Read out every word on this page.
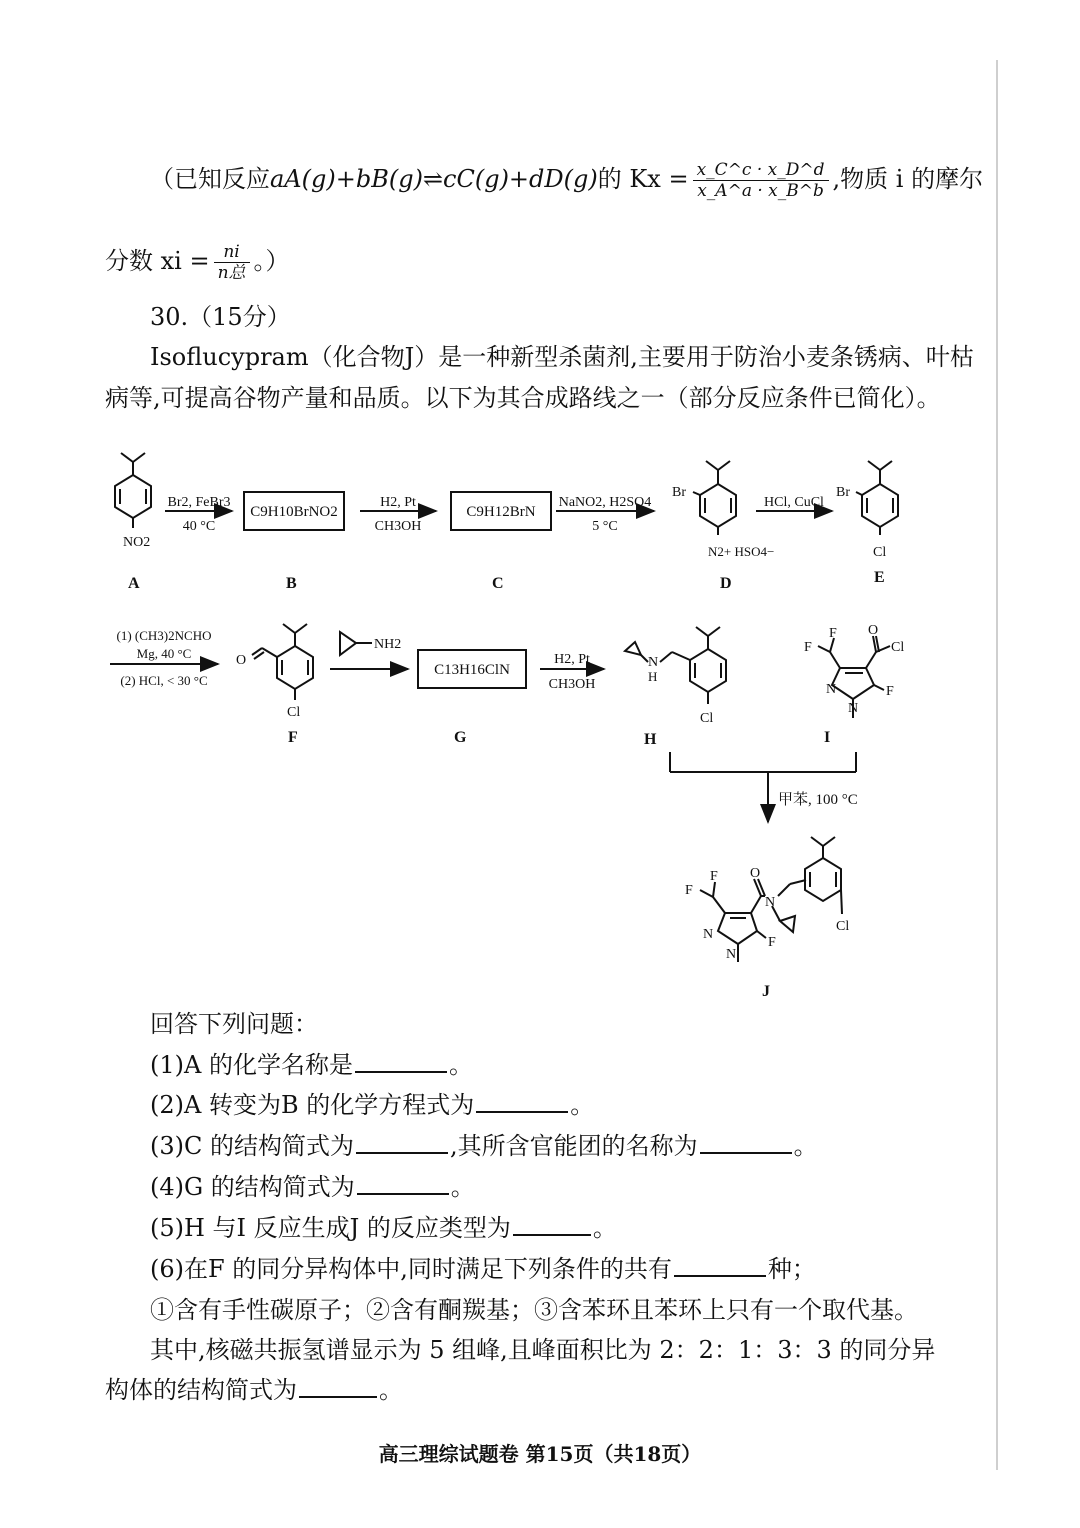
（已知反应aA(g)+bB(g)⇌cC(g)+dD(g)的 $Kx = \frac{x\_C\^{}c \cdot x\_D\^{}d}{x\_A\^{}a \cdot x\_B\^{}b}$ ,物质 i 的摩尔
分数 xi = $\frac{ni}{\text{n总}}$ 。）
30.（15分）
Isoflucypram（化合物J）是一种新型杀菌剂,主要用于防治小麦条锈病、叶枯
病等,可提高谷物产量和品质。以下为其合成路线之一（部分反应条件已简化）。
C9H10BrNO2	C9H12BrN
C13H16ClN
Br2, FeBr3
40 °C
H2, Pt
CH3OH
NaNO2, H2SO4
5 °C
HCl, CuCl
(1) (CH3)2NCHO
Mg, 40 °C
(2) HCl, < 30 °C
H2, Pt
CH3OH
甲苯, 100 °C
NH2
NO2
Br
N2+ HSO4−
Br
Cl
O
Cl
N
H
Cl
F
F O
Cl
N
N
F
F
F O
N
N
N
F
Cl
A	B	C	D	E
F	G	H	I
J
回答下列问题：
(1)A 的化学名称是	。
(2)A 转变为B 的化学方程式为	。
(3)C 的结构简式为	,其所含官能团的名称为	。
(4)G 的结构简式为	。
(5)H 与I 反应生成J 的反应类型为	。
(6)在F 的同分异构体中,同时满足下列条件的共有	种；
①含有手性碳原子；②含有酮羰基；③含苯环且苯环上只有一个取代基。
其中,核磁共振氢谱显示为 5 组峰,且峰面积比为 2：2：1：3：3 的同分异
构体的结构简式为	。
高三理综试题卷 第15页（共18页）
